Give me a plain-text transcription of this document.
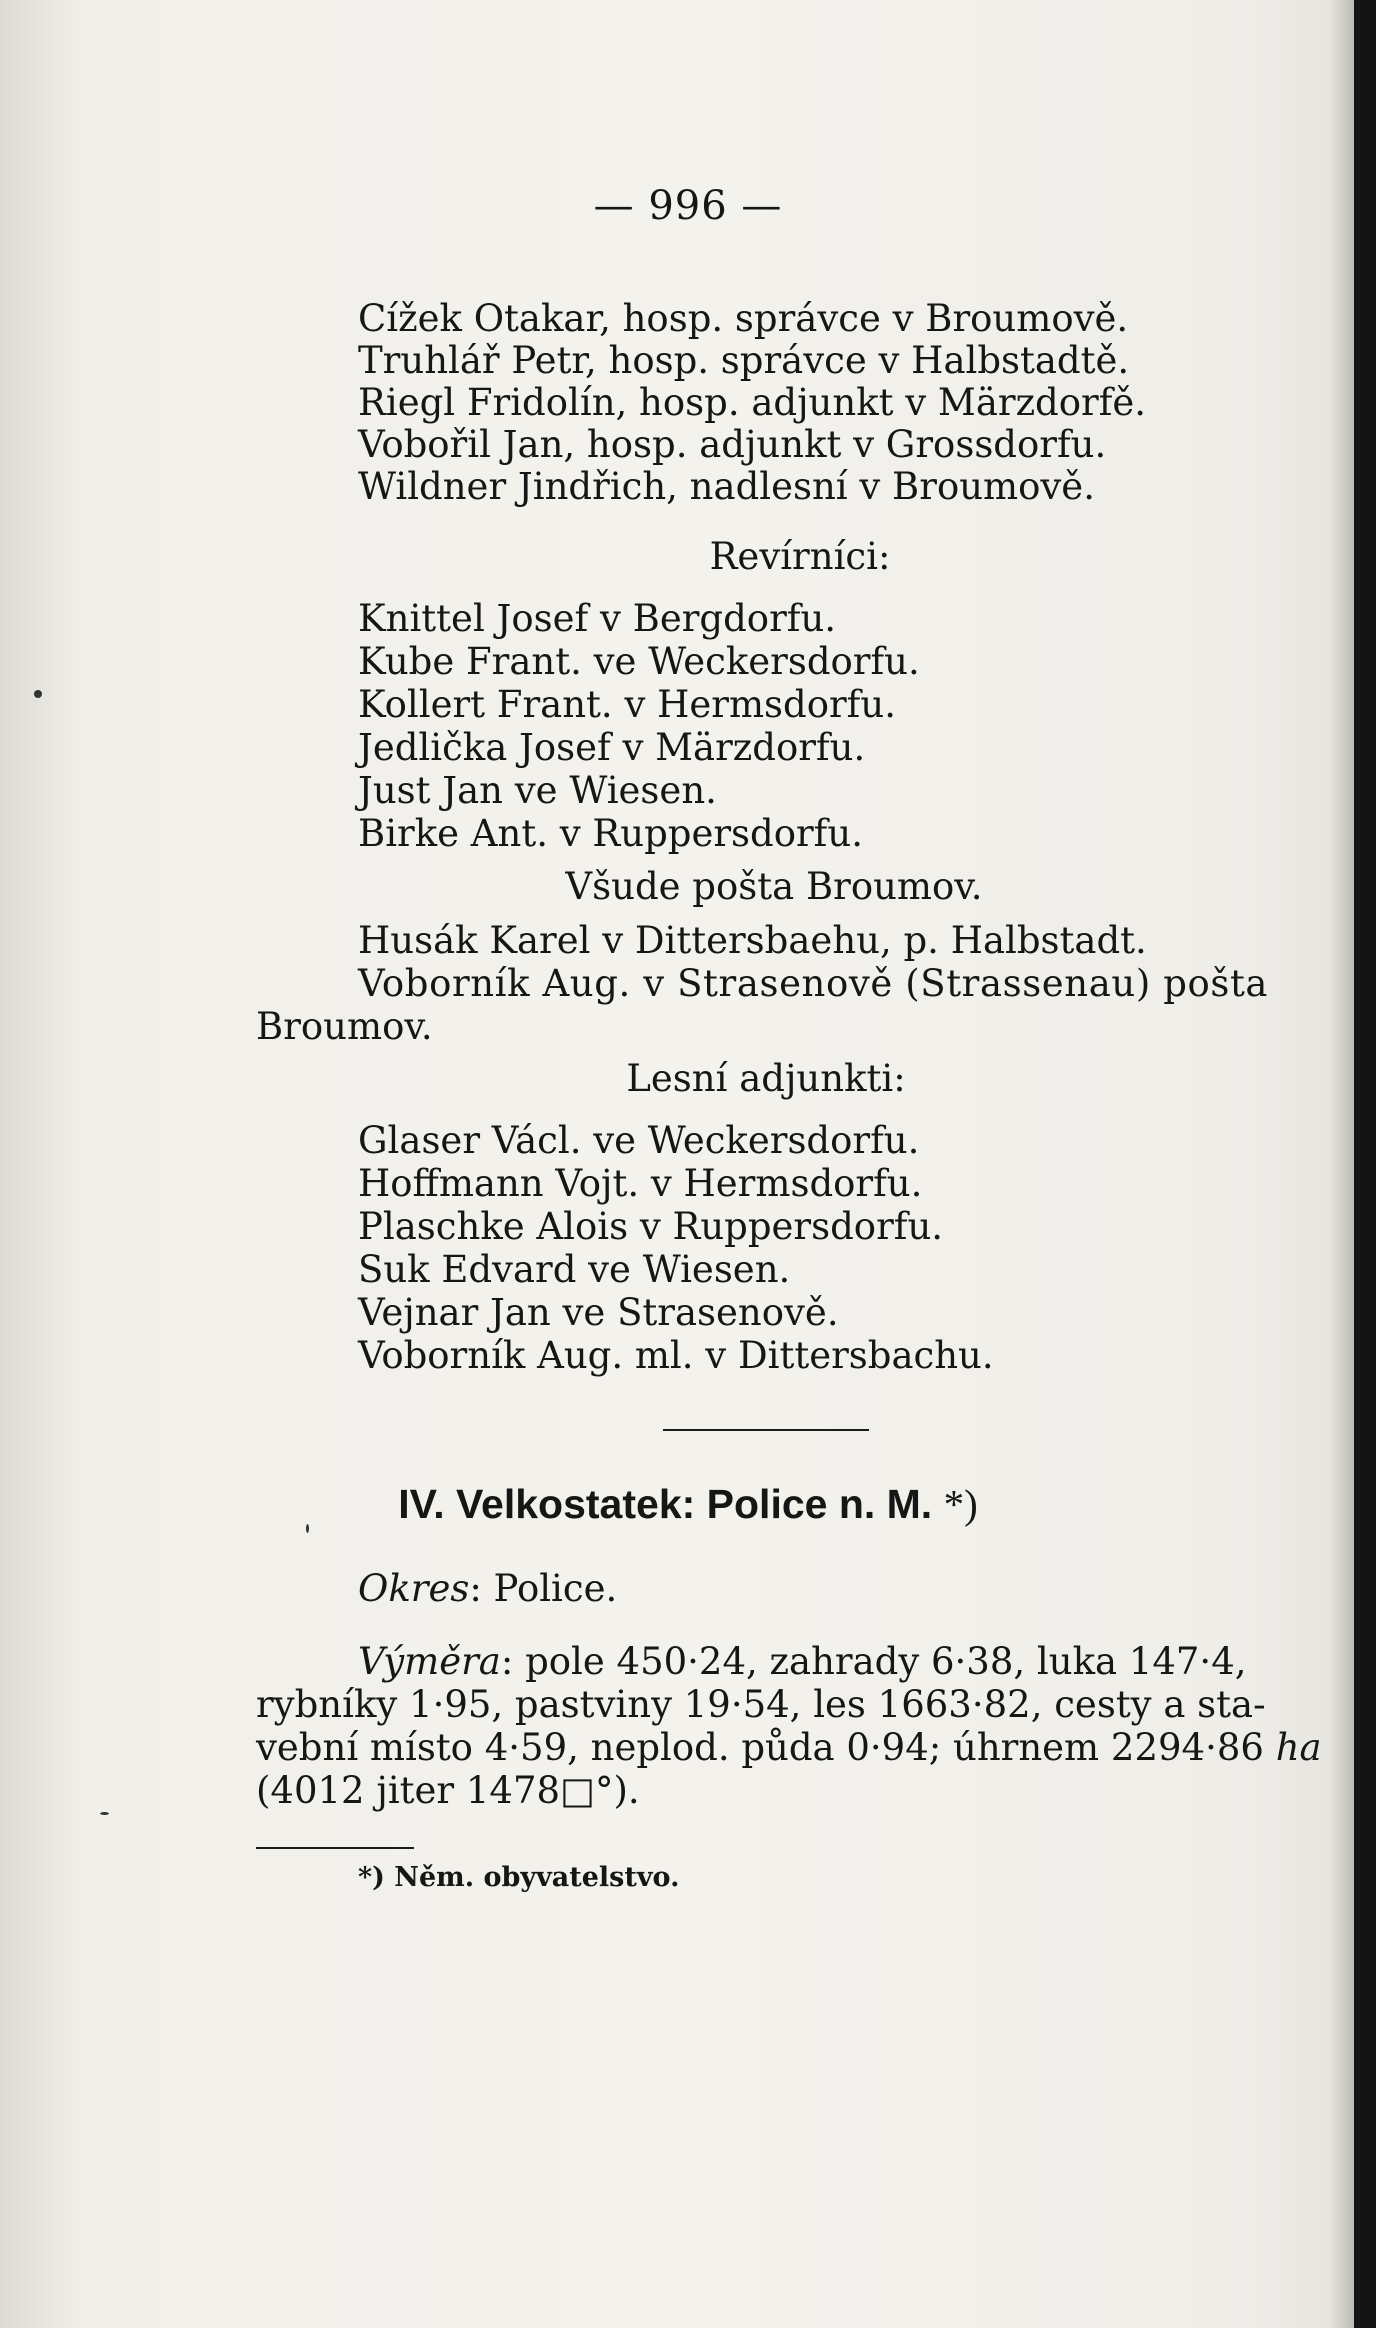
— 996 —
Cížek Otakar, hosp. správce v Broumově.
Truhlář Petr, hosp. správce v Halbstadtě.
Riegl Fridolín, hosp. adjunkt v Märzdorfě.
Vobořil Jan, hosp. adjunkt v Grossdorfu.
Wildner Jindřich, nadlesní v Broumově.
Revírníci:
Knittel Josef v Bergdorfu.
Kube Frant. ve Weckersdorfu.
Kollert Frant. v Hermsdorfu.
Jedlička Josef v Märzdorfu.
Just Jan ve Wiesen.
Birke Ant. v Ruppersdorfu.
Všude pošta Broumov.
Husák Karel v Dittersbaehu, p. Halbstadt.
Voborník Aug. v Strasenově (Strassenau) pošta
Broumov.
Lesní adjunkti:
Glaser Václ. ve Weckersdorfu.
Hoffmann Vojt. v Hermsdorfu.
Plaschke Alois v Ruppersdorfu.
Suk Edvard ve Wiesen.
Vejnar Jan ve Strasenově.
Voborník Aug. ml. v Dittersbachu.
IV. Velkostatek: Police n. M. *)
Okres: Police.
Výměra: pole 450·24, zahrady 6·38, luka 147·4,
rybníky 1·95, pastviny 19·54, les 1663·82, cesty a sta-
vební místo 4·59, neplod. půda 0·94; úhrnem 2294·86 ha
(4012 jiter 1478□°).
*) Něm. obyvatelstvo.
